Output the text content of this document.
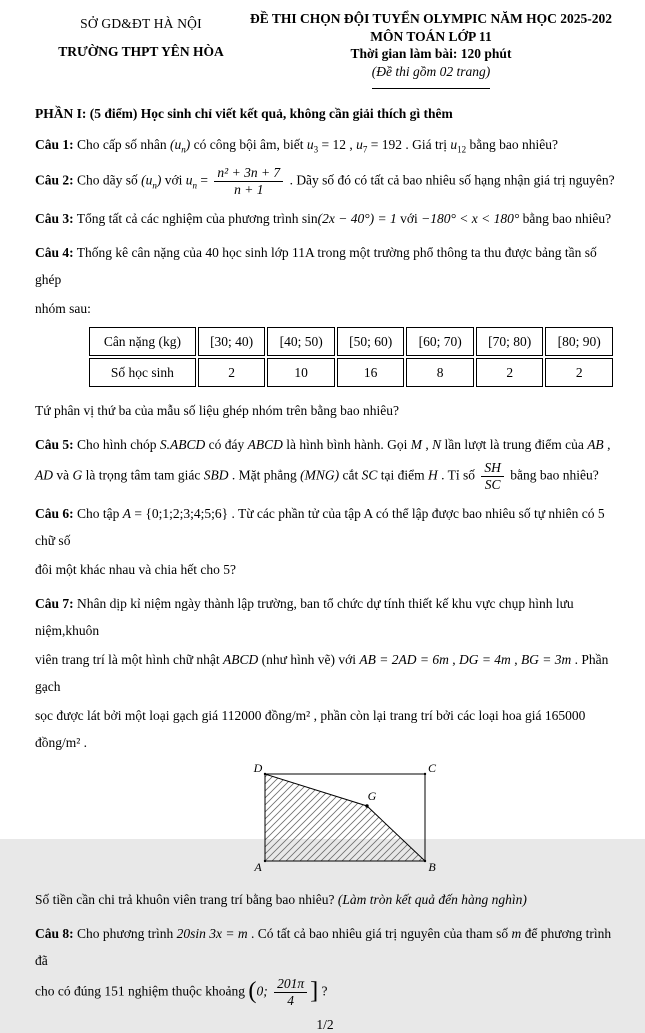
SỞ GD&ĐT HÀ NỘI
TRƯỜNG THPT YÊN HÒA
ĐỀ THI CHỌN ĐỘI TUYỂN OLYMPIC NĂM HỌC 2025-202
MÔN TOÁN LỚP 11
Thời gian làm bài: 120 phút
(Đề thi gồm 02 trang)
PHẦN I: (5 điểm) Học sinh chỉ viết kết quả, không cần giải thích gì thêm

Câu 1: Cho cấp số nhân $(u_n)$ có công bội âm, biết $u_3 = 12$ , $u_7 = 192$ . Giá trị $u_{12}$ bằng bao nhiêu?

Câu 2: Cho dãy số $(u_n)$ với $u_n = \frac{\text{n² + 3n + 7}}{n + 1}$ . Dãy số đó có tất cả bao nhiêu số hạng nhận giá trị nguyên?

Câu 3: Tổng tất cả các nghiệm của phương trình sin(2x − 40°) = 1 với −180° < x < 180° bằng bao nhiêu?

Câu 4: Thống kê cân nặng của 40 học sinh lớp 11A trong một trường phổ thông ta thu được bảng tần số ghép

nhóm sau:

Cân nặng (kg)	[30; 40)	[40; 50)	[50; 60)	[60; 70)	[70; 80)	[80; 90)
Số học sinh	2	10	16	8	2	2

Tứ phân vị thứ ba của mẫu số liệu ghép nhóm trên bằng bao nhiêu?

Câu 5: Cho hình chóp S.ABCD có đáy ABCD là hình bình hành. Gọi M , N lần lượt là trung điểm của AB ,

AD và G là trọng tâm tam giác SBD . Mặt phẳng (MNG) cắt SC tại điểm H . Tỉ số $\frac{SH}{SC}$ bằng bao nhiêu?

Câu 6: Cho tập A = {0;1;2;3;4;5;6} . Từ các phần tử của tập A có thể lập được bao nhiêu số tự nhiên có 5 chữ số

đôi một khác nhau và chia hết cho 5?

Câu 7: Nhân dịp kỉ niệm ngày thành lập trường, ban tổ chức dự tính thiết kế khu vực chụp hình lưu niệm,khuôn

viên trang trí là một hình chữ nhật ABCD (như hình vẽ) với AB = 2AD = 6m , DG = 4m , BG = 3m . Phần gạch

sọc được lát bởi một loại gạch giá 112000 đồng/m² , phần còn lại trang trí bởi các loại hoa giá 165000 đồng/m² .

D	C
A	B
G

Số tiền cần chi trả khuôn viên trang trí bằng bao nhiêu? (Làm tròn kết quả đến hàng nghìn)

Câu 8: Cho phương trình 20sin 3x = m . Có tất cả bao nhiêu giá trị nguyên của tham số m để phương trình đã

cho có đúng 151 nghiệm thuộc khoảng (0; $\frac{201\pi}{4}$ ] ?

1/2
